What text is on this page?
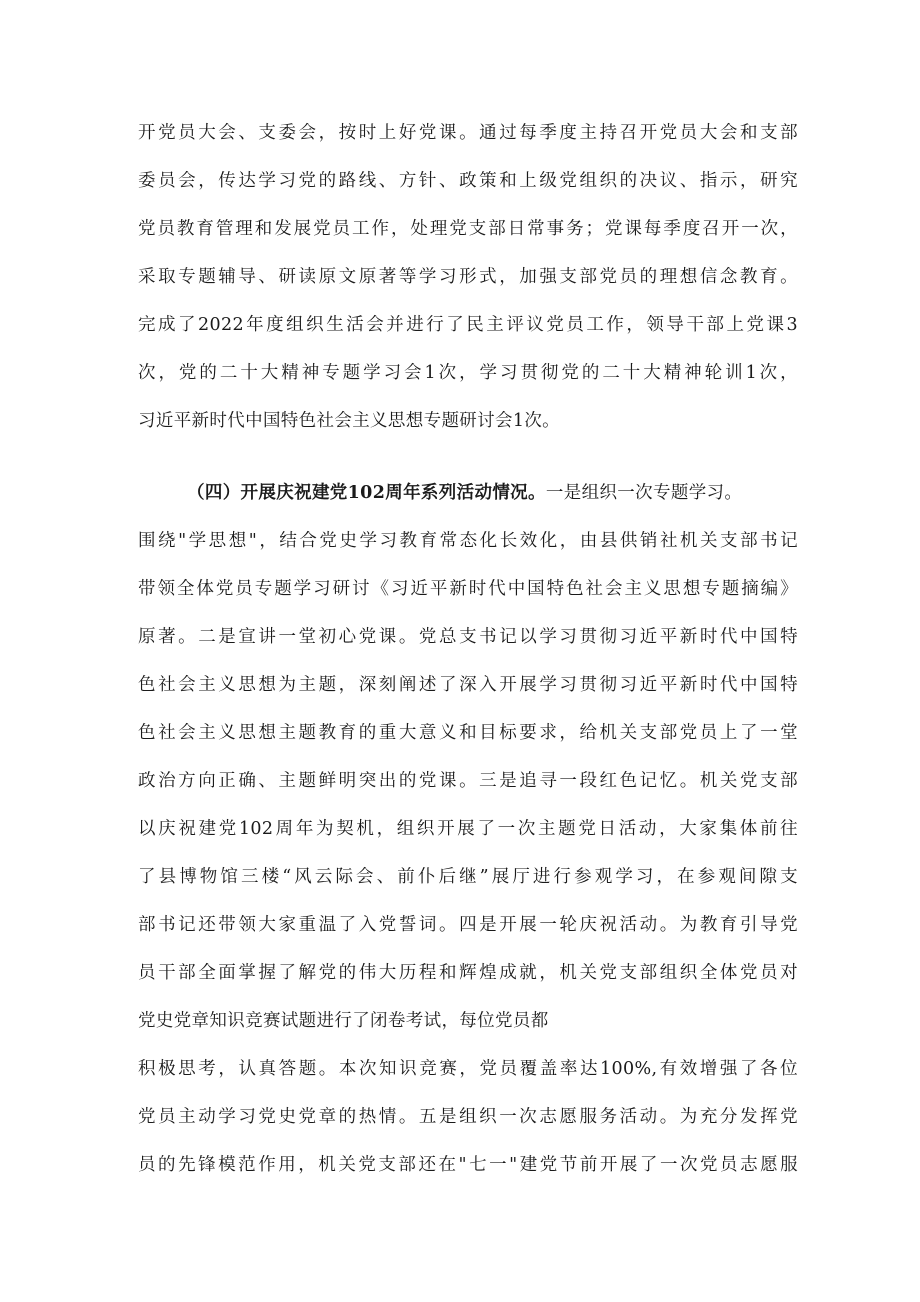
开党员大会、支委会，按时上好党课。通过每季度主持召开党员大会和支部
委员会，传达学习党的路线、方针、政策和上级党组织的决议、指示，研究
党员教育管理和发展党员工作，处理党支部日常事务；党课每季度召开一次，
采取专题辅导、研读原文原著等学习形式，加强支部党员的理想信念教育。
完成了2022年度组织生活会并进行了民主评议党员工作，领导干部上党课3
次，党的二十大精神专题学习会1次，学习贯彻党的二十大精神轮训1次，
习近平新时代中国特色社会主义思想专题研讨会1次。
（四）开展庆祝建党102周年系列活动情况。一是组织一次专题学习。
围绕"学思想"，结合党史学习教育常态化长效化，由县供销社机关支部书记
带领全体党员专题学习研讨《习近平新时代中国特色社会主义思想专题摘编》
原著。二是宣讲一堂初心党课。党总支书记以学习贯彻习近平新时代中国特
色社会主义思想为主题，深刻阐述了深入开展学习贯彻习近平新时代中国特
色社会主义思想主题教育的重大意义和目标要求，给机关支部党员上了一堂
政治方向正确、主题鲜明突出的党课。三是追寻一段红色记忆。机关党支部
以庆祝建党102周年为契机，组织开展了一次主题党日活动，大家集体前往
了县博物馆三楼“风云际会、前仆后继”展厅进行参观学习，在参观间隙支
部书记还带领大家重温了入党誓词。四是开展一轮庆祝活动。为教育引导党
员干部全面掌握了解党的伟大历程和辉煌成就，机关党支部组织全体党员对
党史党章知识竞赛试题进行了闭卷考试，每位党员都
积极思考，认真答题。本次知识竞赛，党员覆盖率达100%,有效增强了各位
党员主动学习党史党章的热情。五是组织一次志愿服务活动。为充分发挥党
员的先锋模范作用，机关党支部还在"七一"建党节前开展了一次党员志愿服
